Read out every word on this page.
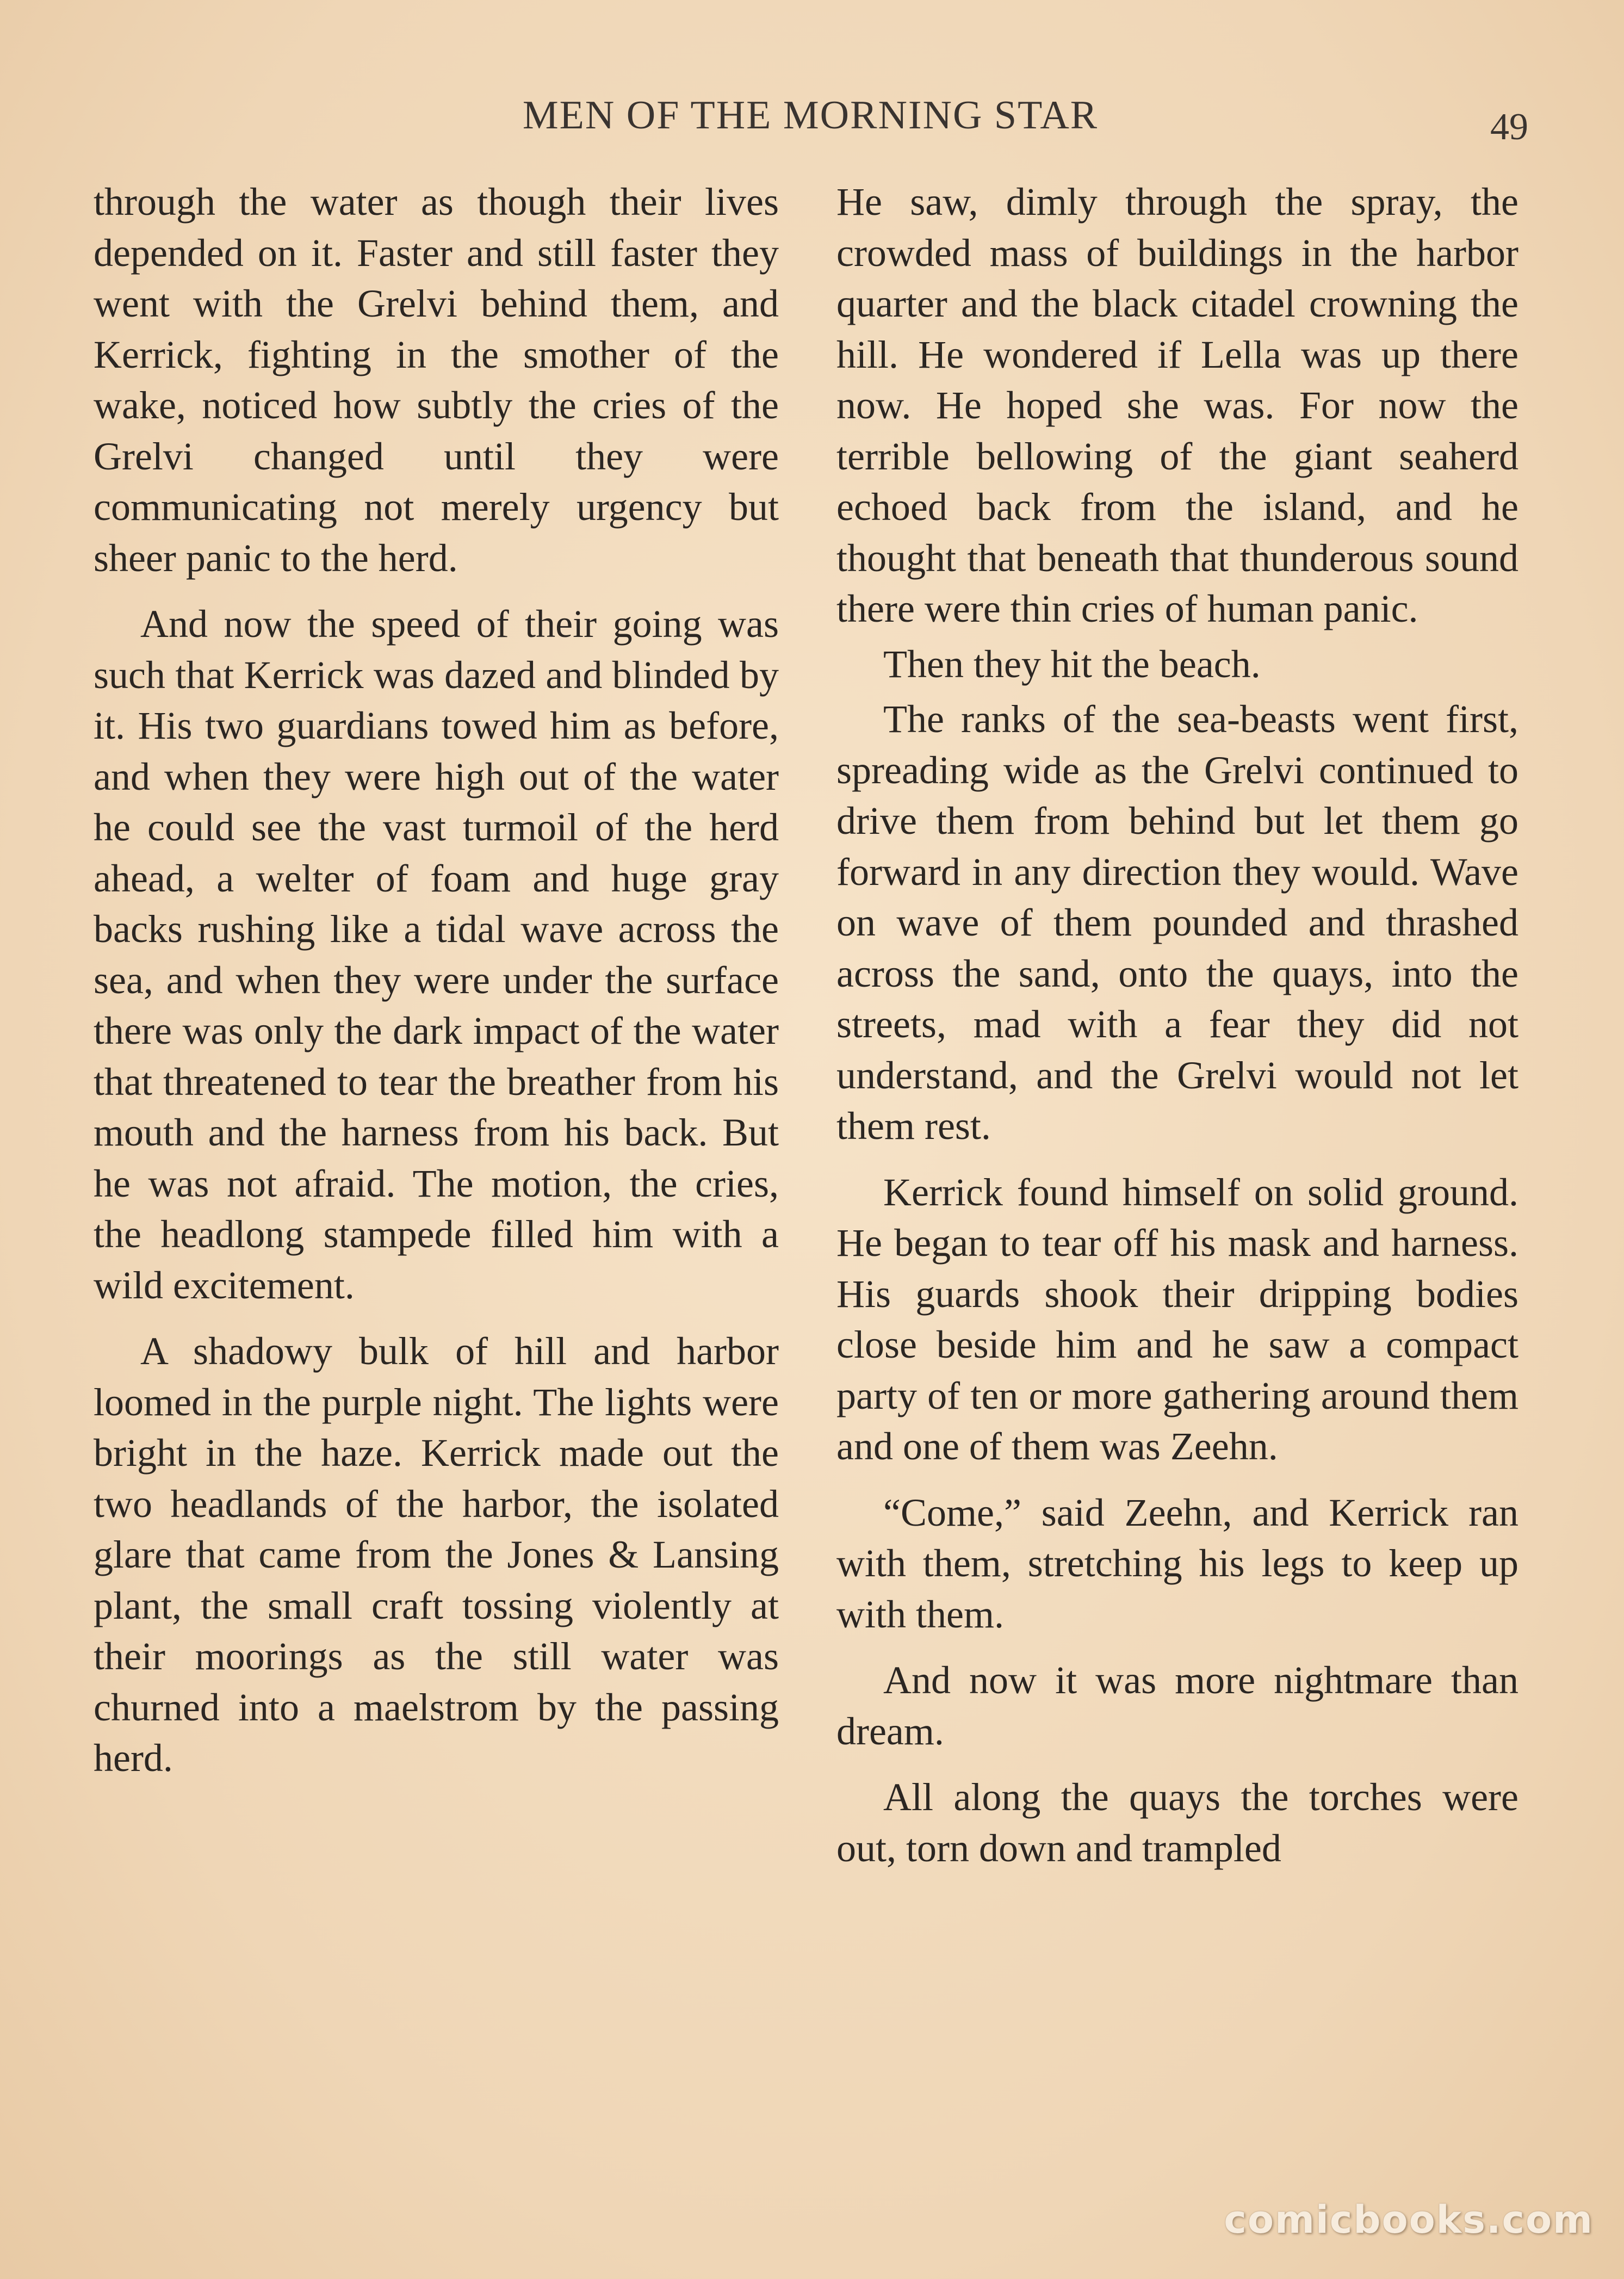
MEN OF THE MORNING STAR	49

through the water as though their lives depended on it. Faster and still faster they went with the Grelvi behind them, and Kerrick, fighting in the smother of the wake, noticed how subtly the cries of the Grelvi changed until they were communicating not merely urgency but sheer panic to the herd.

And now the speed of their going was such that Kerrick was dazed and blinded by it. His two guardians towed him as before, and when they were high out of the water he could see the vast turmoil of the herd ahead, a welter of foam and huge gray backs rushing like a tidal wave across the sea, and when they were under the surface there was only the dark impact of the water that threatened to tear the breather from his mouth and the harness from his back. But he was not afraid. The motion, the cries, the headlong stampede filled him with a wild excitement.

A shadowy bulk of hill and harbor loomed in the purple night. The lights were bright in the haze. Kerrick made out the two headlands of the harbor, the isolated glare that came from the Jones & Lansing plant, the small craft tossing violently at their moorings as the still water was churned into a maelstrom by the passing herd.

He saw, dimly through the spray, the crowded mass of buildings in the harbor quarter and the black citadel crowning the hill. He wondered if Lella was up there now. He hoped she was. For now the terrible bellowing of the giant seaherd echoed back from the island, and he thought that beneath that thunderous sound there were thin cries of human panic.

Then they hit the beach.

The ranks of the sea-beasts went first, spreading wide as the Grelvi continued to drive them from behind but let them go forward in any direction they would. Wave on wave of them pounded and thrashed across the sand, onto the quays, into the streets, mad with a fear they did not understand, and the Grelvi would not let them rest.

Kerrick found himself on solid ground. He began to tear off his mask and harness. His guards shook their dripping bodies close beside him and he saw a compact party of ten or more gathering around them and one of them was Zeehn.

“Come,” said Zeehn, and Kerrick ran with them, stretching his legs to keep up with them.

And now it was more nightmare than dream.

All along the quays the torches were out, torn down and trampled

comicbooks.com
